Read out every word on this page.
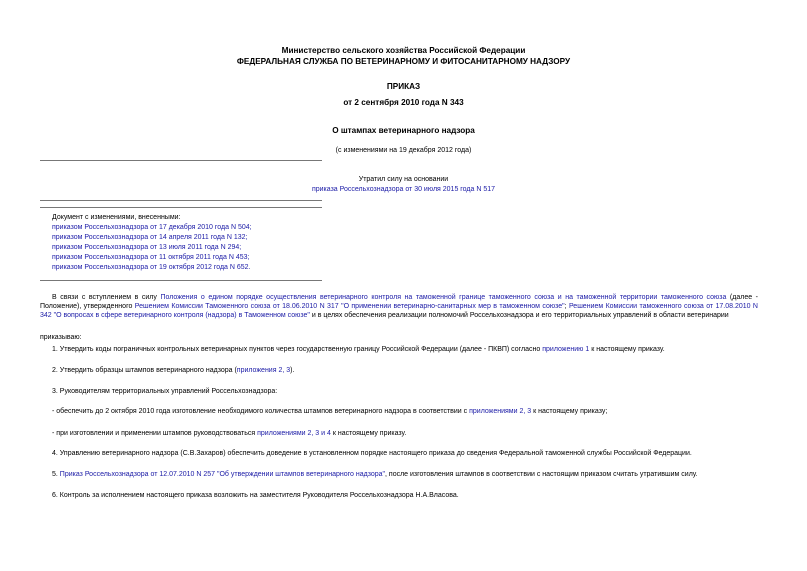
Министерство сельского хозяйства Российской Федерации
ФЕДЕРАЛЬНАЯ СЛУЖБА ПО ВЕТЕРИНАРНОМУ И ФИТОСАНИТАРНОМУ НАДЗОРУ
ПРИКАЗ
от 2 сентября 2010 года N 343
О штампах ветеринарного надзора
(с изменениями на 19 декабря 2012 года)
Утратил силу на основании
приказа Россельхознадзора от 30 июля 2015 года N 517
Документ с изменениями, внесенными:
приказом Россельхознадзора от 17 декабря 2010 года N 504;
приказом Россельхознадзора от 14 апреля 2011 года N 132;
приказом Россельхознадзора от 13 июля 2011 года N 294;
приказом Россельхознадзора от 11 октября 2011 года N 453;
приказом Россельхознадзора от 19 октября 2012 года N 652.
В связи с вступлением в силу Положения о едином порядке осуществления ветеринарного контроля на таможенной границе таможенного союза и на таможенной территории таможенного союза (далее - Положение), утвержденного Решением Комиссии Таможенного союза от 18.06.2010 N 317 "О применении ветеринарно-санитарных мер в таможенном союзе"; Решением Комиссии таможенного союза от 17.08.2010 N 342 "О вопросах в сфере ветеринарного контроля (надзора) в Таможенном союзе" и в целях обеспечения реализации полномочий Россельхознадзора и его территориальных управлений в области ветеринарии
приказываю:
1. Утвердить коды пограничных контрольных ветеринарных пунктов через государственную границу Российской Федерации (далее - ПКВП) согласно приложению 1 к настоящему приказу.
2. Утвердить образцы штампов ветеринарного надзора (приложения 2, 3).
3. Руководителям территориальных управлений Россельхознадзора:
- обеспечить до 2 октября 2010 года изготовление необходимого количества штампов ветеринарного надзора в соответствии с приложениями 2, 3 к настоящему приказу;
- при изготовлении и применении штампов руководствоваться приложениями 2, 3 и 4 к настоящему приказу.
4. Управлению ветеринарного надзора (С.В.Захаров) обеспечить доведение в установленном порядке настоящего приказа до сведения Федеральной таможенной службы Российской Федерации.
5. Приказ Россельхознадзора от 12.07.2010 N 257 "Об утверждении штампов ветеринарного надзора", после изготовления штампов в соответствии с настоящим приказом считать утратившим силу.
6. Контроль за исполнением настоящего приказа возложить на заместителя Руководителя Россельхознадзора Н.А.Власова.
